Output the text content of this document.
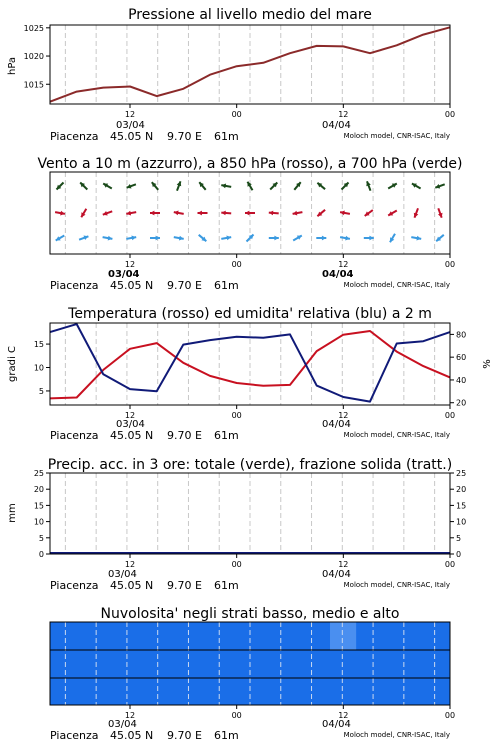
Pressione al livello medio del mare
hPa
1015
1020
1025
12	00	12	00
03/04	04/04
Piacenza 45.05 N 9.70 E 61m	Moloch model, CNR-ISAC, Italy
Vento a 10 m (azzurro), a 850 hPa (rosso), a 700 hPa (verde)
12	00	12	00
03/04	04/04
Piacenza 45.05 N 9.70 E 61m	Moloch model, CNR-ISAC, Italy
Temperatura (rosso) ed umidita' relativa (blu) a 2 m
gradi C	%
5
10
15
20
40
60
80
12	00	12	00
03/04	04/04
Piacenza 45.05 N 9.70 E 61m	Moloch model, CNR-ISAC, Italy
Precip. acc. in 3 ore: totale (verde), frazione solida (tratt.)
mm
0
5
10
15
20
25
0
5
10
15
20
25
12	00	12	00
03/04	04/04
Piacenza 45.05 N 9.70 E 61m	Moloch model, CNR-ISAC, Italy
Nuvolosita' negli strati basso, medio e alto
12	00	12	00
03/04	04/04
Piacenza 45.05 N 9.70 E 61m	Moloch model, CNR-ISAC, Italy
